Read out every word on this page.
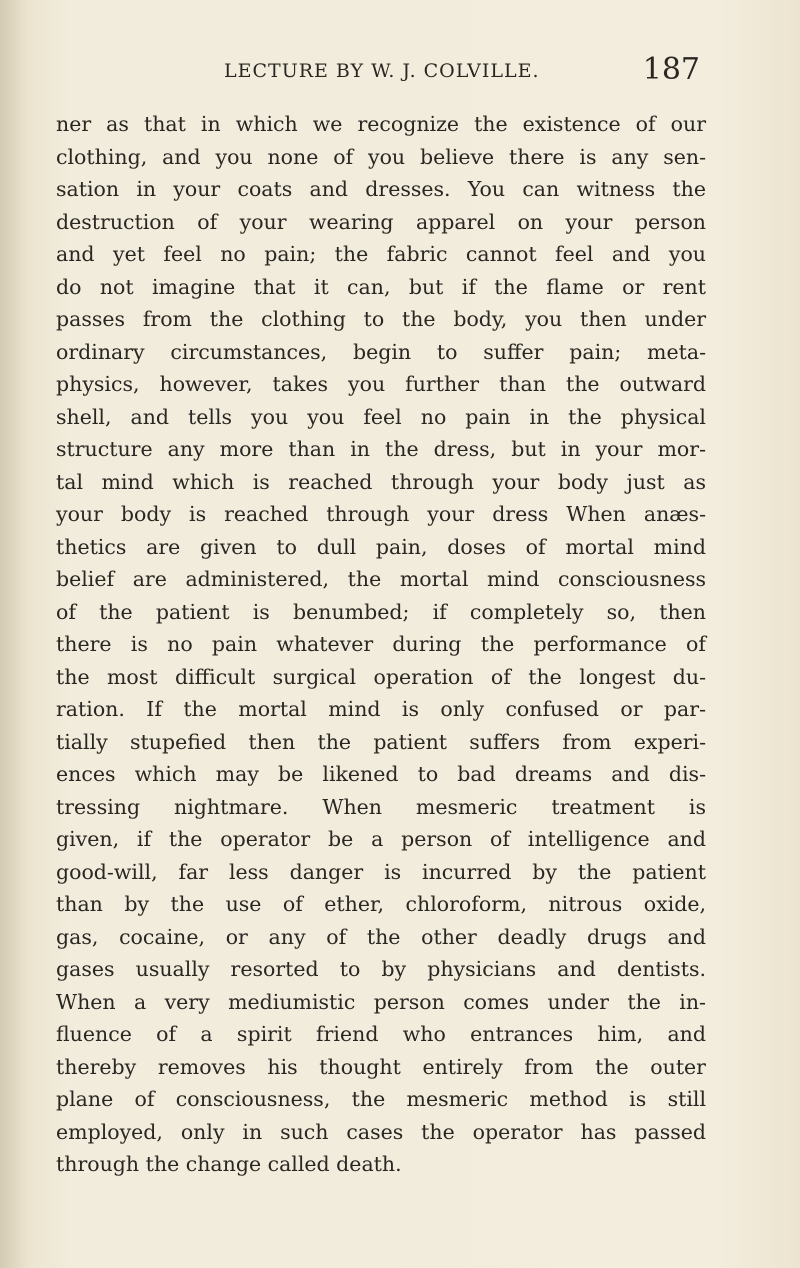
LECTURE BY W. J. COLVILLE.	187
ner as that in which we recognize the existence of our
clothing, and you none of you believe there is any sen-
sation in your coats and dresses. You can witness the
destruction of your wearing apparel on your person
and yet feel no pain; the fabric cannot feel and you
do not imagine that it can, but if the flame or rent
passes from the clothing to the body, you then under
ordinary circumstances, begin to suffer pain; meta-
physics, however, takes you further than the outward
shell, and tells you you feel no pain in the physical
structure any more than in the dress, but in your mor-
tal mind which is reached through your body just as
your body is reached through your dress When anæs-
thetics are given to dull pain, doses of mortal mind
belief are administered, the mortal mind consciousness
of the patient is benumbed; if completely so, then
there is no pain whatever during the performance of
the most difficult surgical operation of the longest du-
ration. If the mortal mind is only confused or par-
tially stupefied then the patient suffers from experi-
ences which may be likened to bad dreams and dis-
tressing nightmare. When mesmeric treatment is
given, if the operator be a person of intelligence and
good-will, far less danger is incurred by the patient
than by the use of ether, chloroform, nitrous oxide,
gas, cocaine, or any of the other deadly drugs and
gases usually resorted to by physicians and dentists.
When a very mediumistic person comes under the in-
fluence of a spirit friend who entrances him, and
thereby removes his thought entirely from the outer
plane of consciousness, the mesmeric method is still
employed, only in such cases the operator has passed
through the change called death.
